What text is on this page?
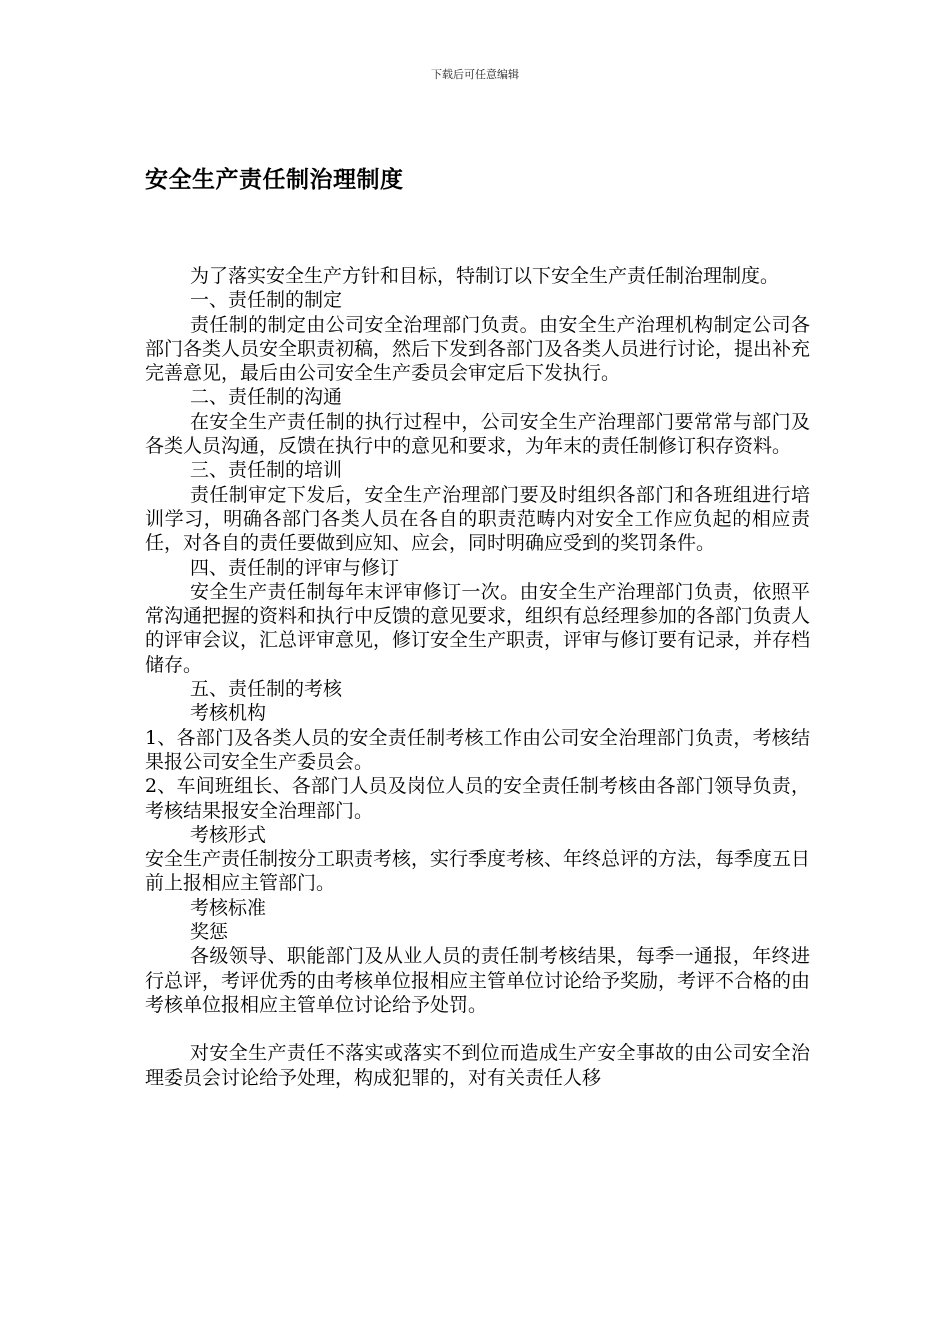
下载后可任意编辑
安全生产责任制治理制度

为了落实安全生产方针和目标，特制订以下安全生产责任制治理制度。

一、责任制的制定

责任制的制定由公司安全治理部门负责。由安全生产治理机构制定公司各部门各类人员安全职责初稿，然后下发到各部门及各类人员进行讨论，提出补充完善意见，最后由公司安全生产委员会审定后下发执行。

二、责任制的沟通

在安全生产责任制的执行过程中，公司安全生产治理部门要常常与部门及各类人员沟通，反馈在执行中的意见和要求，为年末的责任制修订积存资料。

三、责任制的培训

责任制审定下发后，安全生产治理部门要及时组织各部门和各班组进行培训学习，明确各部门各类人员在各自的职责范畴内对安全工作应负起的相应责任，对各自的责任要做到应知、应会，同时明确应受到的奖罚条件。

四、责任制的评审与修订

安全生产责任制每年末评审修订一次。由安全生产治理部门负责，依照平常沟通把握的资料和执行中反馈的意见要求，组织有总经理参加的各部门负责人的评审会议，汇总评审意见，修订安全生产职责，评审与修订要有记录，并存档储存。

五、责任制的考核

考核机构

1、各部门及各类人员的安全责任制考核工作由公司安全治理部门负责，考核结果报公司安全生产委员会。

2、车间班组长、各部门人员及岗位人员的安全责任制考核由各部门领导负责，考核结果报安全治理部门。

考核形式

安全生产责任制按分工职责考核，实行季度考核、年终总评的方法，每季度五日前上报相应主管部门。

考核标准

奖惩

各级领导、职能部门及从业人员的责任制考核结果，每季一通报，年终进行总评，考评优秀的由考核单位报相应主管单位讨论给予奖励，考评不合格的由考核单位报相应主管单位讨论给予处罚。

对安全生产责任不落实或落实不到位而造成生产安全事故的由公司安全治理委员会讨论给予处理，构成犯罪的，对有关责任人移
